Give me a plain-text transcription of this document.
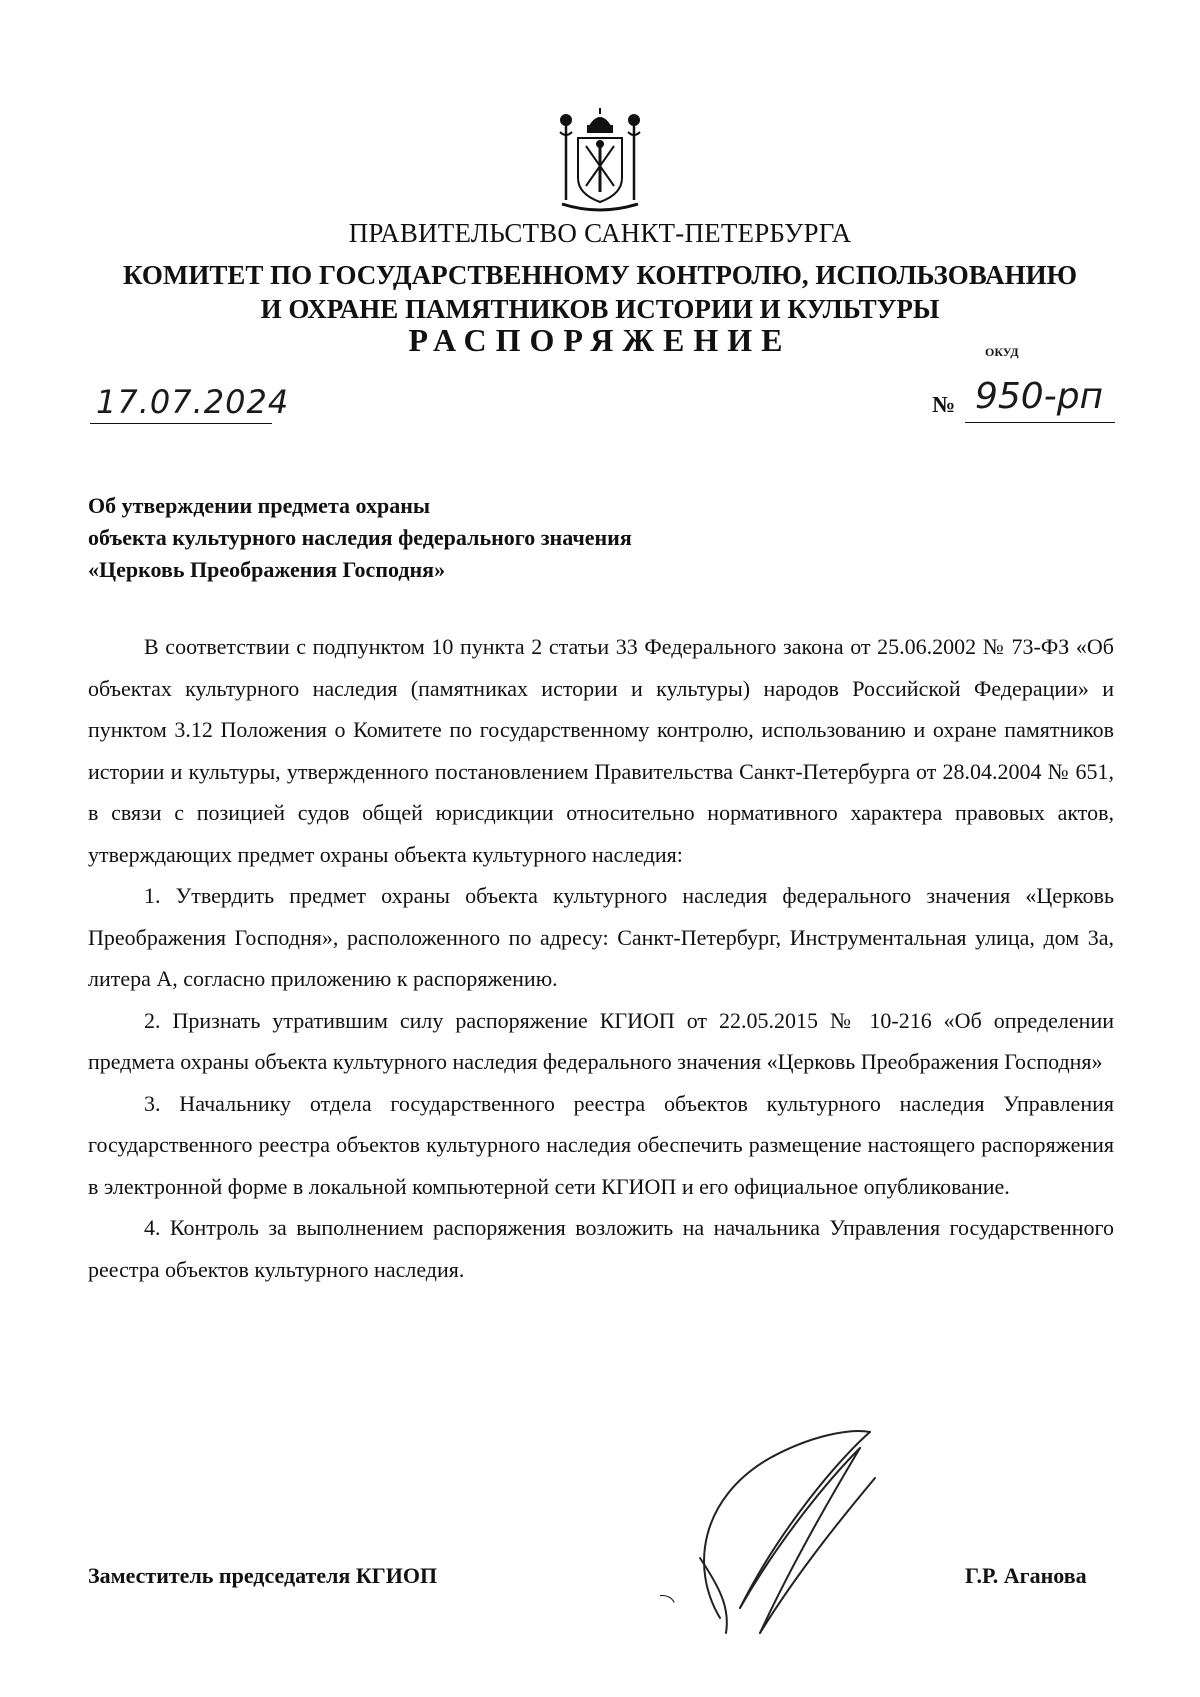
ПРАВИТЕЛЬСТВО САНКТ-ПЕТЕРБУРГА
КОМИТЕТ ПО ГОСУДАРСТВЕННОМУ КОНТРОЛЮ, ИСПОЛЬЗОВАНИЮ
И ОХРАНЕ ПАМЯТНИКОВ ИСТОРИИ И КУЛЬТУРЫ
РАСПОРЯЖЕНИЕ	ОКУД
17.07.2024	№ 950-рп
Об утверждении предмета охраны
объекта культурного наследия федерального значения
«Церковь Преображения Господня»

В соответствии с подпунктом 10 пункта 2 статьи 33 Федерального закона от 25.06.2002 № 73-ФЗ «Об объектах культурного наследия (памятниках истории и культуры) народов Российской Федерации» и пунктом 3.12 Положения о Комитете по государственному контролю, использованию и охране памятников истории и культуры, утвержденного постановлением Правительства Санкт-Петербурга от 28.04.2004 № 651, в связи с позицией судов общей юрисдикции относительно нормативного характера правовых актов, утверждающих предмет охраны объекта культурного наследия:

1. Утвердить предмет охраны объекта культурного наследия федерального значения «Церковь Преображения Господня», расположенного по адресу: Санкт-Петербург, Инструментальная улица, дом 3а, литера А, согласно приложению к распоряжению.

2. Признать утратившим силу распоряжение КГИОП от 22.05.2015 № 10-216 «Об определении предмета охраны объекта культурного наследия федерального значения «Церковь Преображения Господня»

3. Начальнику отдела государственного реестра объектов культурного наследия Управления государственного реестра объектов культурного наследия обеспечить размещение настоящего распоряжения в электронной форме в локальной компьютерной сети КГИОП и его официальное опубликование.

4. Контроль за выполнением распоряжения возложить на начальника Управления государственного реестра объектов культурного наследия.

Заместитель председателя КГИОП	Г.Р. Аганова
